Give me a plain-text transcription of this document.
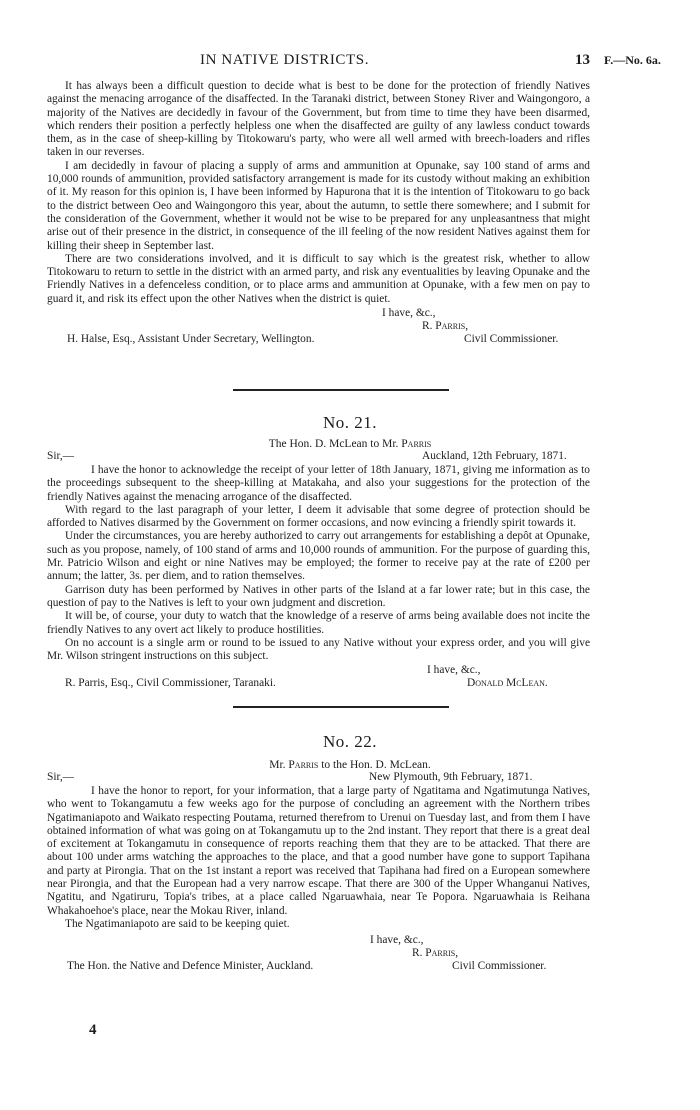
IN NATIVE DISTRICTS.	13 F.—No. 6a.

It has always been a difficult question to decide what is best to be done for the protection of friendly Natives against the menacing arrogance of the disaffected. In the Taranaki district, between Stoney River and Waingongoro, a majority of the Natives are decidedly in favour of the Government, but from time to time they have been disarmed, which renders their position a perfectly helpless one when the disaffected are guilty of any lawless conduct towards them, as in the case of sheep-killing by Titokowaru's party, who were all well armed with breech-loaders and rifles taken in our reverses.

I am decidedly in favour of placing a supply of arms and ammunition at Opunake, say 100 stand of arms and 10,000 rounds of ammunition, provided satisfactory arrangement is made for its custody without making an exhibition of it. My reason for this opinion is, I have been informed by Hapurona that it is the intention of Titokowaru to go back to the district between Oeo and Waingongoro this year, about the autumn, to settle there somewhere; and I submit for the consideration of the Government, whether it would not be wise to be prepared for any unpleasantness that might arise out of their presence in the district, in consequence of the ill feeling of the now resident Natives against them for killing their sheep in September last.

There are two considerations involved, and it is difficult to say which is the greatest risk, whether to allow Titokowaru to return to settle in the district with an armed party, and risk any eventualities by leaving Opunake and the Friendly Natives in a defenceless condition, or to place arms and ammunition at Opunake, with a few men on pay to guard it, and risk its effect upon the other Natives when the district is quiet.

I have, &c.,
R. Parris,
H. Halse, Esq., Assistant Under Secretary, Wellington.	Civil Commissioner.
No. 21.
The Hon. D. McLean to Mr. Parris
Sir,—	Auckland, 12th February, 1871.

I have the honor to acknowledge the receipt of your letter of 18th January, 1871, giving me information as to the proceedings subsequent to the sheep-killing at Matakaha, and also your suggestions for the protection of the friendly Natives against the menacing arrogance of the disaffected.

With regard to the last paragraph of your letter, I deem it advisable that some degree of protection should be afforded to Natives disarmed by the Government on former occasions, and now evincing a friendly spirit towards it.

Under the circumstances, you are hereby authorized to carry out arrangements for establishing a depôt at Opunake, such as you propose, namely, of 100 stand of arms and 10,000 rounds of ammunition. For the purpose of guarding this, Mr. Patricio Wilson and eight or nine Natives may be employed; the former to receive pay at the rate of £200 per annum; the latter, 3s. per diem, and to ration themselves.

Garrison duty has been performed by Natives in other parts of the Island at a far lower rate; but in this case, the question of pay to the Natives is left to your own judgment and discretion.

It will be, of course, your duty to watch that the knowledge of a reserve of arms being available does not incite the friendly Natives to any overt act likely to produce hostilities.

On no account is a single arm or round to be issued to any Native without your express order, and you will give Mr. Wilson stringent instructions on this subject.

I have, &c.,
R. Parris, Esq., Civil Commissioner, Taranaki.	Donald McLean.
No. 22.
Mr. Parris to the Hon. D. McLean.
Sir,—	New Plymouth, 9th February, 1871.

I have the honor to report, for your information, that a large party of Ngatitama and Ngatimutunga Natives, who went to Tokangamutu a few weeks ago for the purpose of concluding an agreement with the Northern tribes Ngatimaniapoto and Waikato respecting Poutama, returned therefrom to Urenui on Tuesday last, and from them I have obtained information of what was going on at Tokangamutu up to the 2nd instant. They report that there is a great deal of excitement at Tokangamutu in consequence of reports reaching them that they are to be attacked. That there are about 100 under arms watching the approaches to the place, and that a good number have gone to support Tapihana and party at Pirongia. That on the 1st instant a report was received that Tapihana had fired on a European somewhere near Pirongia, and that the European had a very narrow escape. That there are 300 of the Upper Whanganui Natives, Ngatitu, and Ngatiruru, Topia's tribes, at a place called Ngaruawhaia, near Te Popora. Ngaruawhaia is Reihana Whakahoehoe's place, near the Mokau River, inland.

The Ngatimaniapoto are said to be keeping quiet.

I have, &c.,
R. Parris,
The Hon. the Native and Defence Minister, Auckland.	Civil Commissioner.
4
